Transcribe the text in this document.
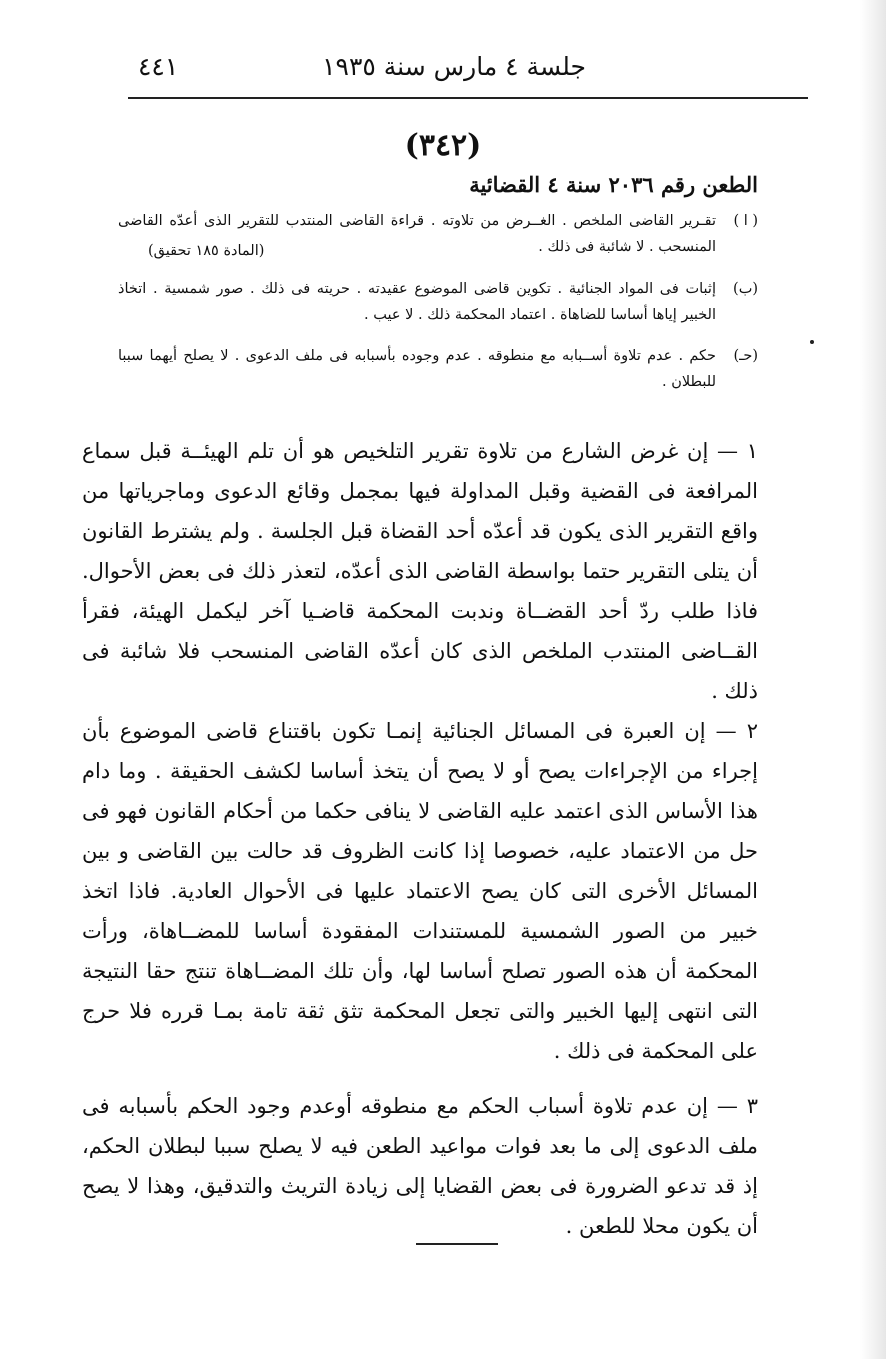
جلسة ٤ مارس سنة ١٩٣٥
٤٤١
(٣٤٢)
الطعن رقم ٢٠٣٦ سنة ٤ القضائية
( ا )
تقـرير القاضى الملخص . الغــرض من تلاوته . قراءة القاضى المنتدب للتقرير الذى أعدّه القاضى المنسحب . لا شائبة فى ذلك .
(المادة ١٨٥ تحقيق)
(ب)
إثبات فى المواد الجنائية . تكوين قاضى الموضوع عقيدته . حريته فى ذلك . صور شمسية . اتخاذ الخبير إياها أساسا للضاهاة . اعتماد المحكمة ذلك . لا عيب .
(حـ)
حكم . عدم تلاوة أســبابه مع منطوقه . عدم وجوده بأسبابه فى ملف الدعوى . لا يصلح أيهما سببا للبطلان .

١ — إن غرض الشارع من تلاوة تقرير التلخيص هو أن تلم الهيئــة قبل سماع المرافعة فى القضية وقبل المداولة فيها بمجمل وقائع الدعوى وماجرياتها من واقع التقرير الذى يكون قد أعدّه أحد القضاة قبل الجلسة . ولم يشترط القانون أن يتلى التقرير حتما بواسطة القاضى الذى أعدّه، لتعذر ذلك فى بعض الأحوال. فاذا طلب ردّ أحد القضــاة وندبت المحكمة قاضـيا آخر ليكمل الهيئة، فقرأ القــاضى المنتدب الملخص الذى كان أعدّه القاضى المنسحب فلا شائبة فى ذلك .

٢ — إن العبرة فى المسائل الجنائية إنمـا تكون باقتناع قاضى الموضوع بأن إجراء من الإجراءات يصح أو لا يصح أن يتخذ أساسا لكشف الحقيقة . وما دام هذا الأساس الذى اعتمد عليه القاضى لا ينافى حكما من أحكام القانون فهو فى حل من الاعتماد عليه، خصوصا إذا كانت الظروف قد حالت بين القاضى و بين المسائل الأخرى التى كان يصح الاعتماد عليها فى الأحوال العادية. فاذا اتخذ خبير من الصور الشمسية للمستندات المفقودة أساسا للمضــاهاة، ورأت المحكمة أن هذه الصور تصلح أساسا لها، وأن تلك المضــاهاة تنتج حقا النتيجة التى انتهى إليها الخبير والتى تجعل المحكمة تثق ثقة تامة بمـا قرره فلا حرج على المحكمة فى ذلك .

٣ — إن عدم تلاوة أسباب الحكم مع منطوقه أوعدم وجود الحكم بأسبابه فى ملف الدعوى إلى ما بعد فوات مواعيد الطعن فيه لا يصلح سببا لبطلان الحكم، إذ قد تدعو الضرورة فى بعض القضايا إلى زيادة التريث والتدقيق، وهذا لا يصح أن يكون محلا للطعن .
